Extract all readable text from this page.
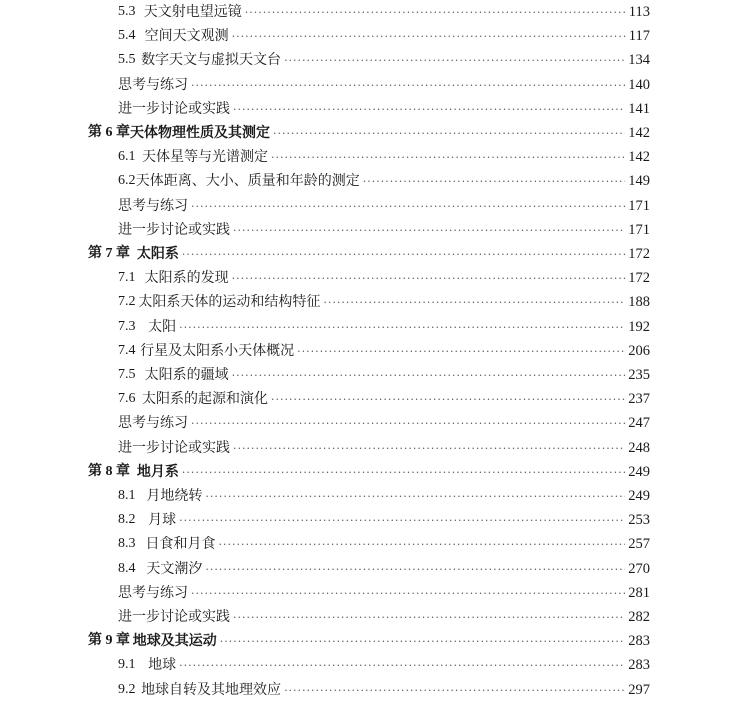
5.3 天文射电望远镜 ·····	113
5.4 空间天文观测 ·····	117
5.5 数字天文与虚拟天文台 ·····	134
思考与练习 ·····	140
进一步讨论或实践 ·····	141
第 6 章 天体物理性质及其测定 ·····	142
6.1 天体星等与光谱测定 ·····	142
6.2 天体距离、大小、质量和年龄的测定 ·····	149
思考与练习 ·····	171
进一步讨论或实践 ·····	171
第 7 章 太阳系 ·····	172
7.1 太阳系的发现 ·····	172
7.2 太阳系天体的运动和结构特征 ·····	188
7.3 太阳 ·····	192
7.4 行星及太阳系小天体概况 ·····	206
7.5 太阳系的疆域 ·····	235
7.6 太阳系的起源和演化 ·····	237
思考与练习 ·····	247
进一步讨论或实践 ·····	248
第 8 章 地月系 ·····	249
8.1 月地绕转 ·····	249
8.2 月球 ·····	253
8.3 日食和月食 ·····	257
8.4 天文潮汐 ·····	270
思考与练习 ·····	281
进一步讨论或实践 ·····	282
第 9 章 地球及其运动 ·····	283
9.1 地球 ·····	283
9.2 地球自转及其地理效应 ·····	297
